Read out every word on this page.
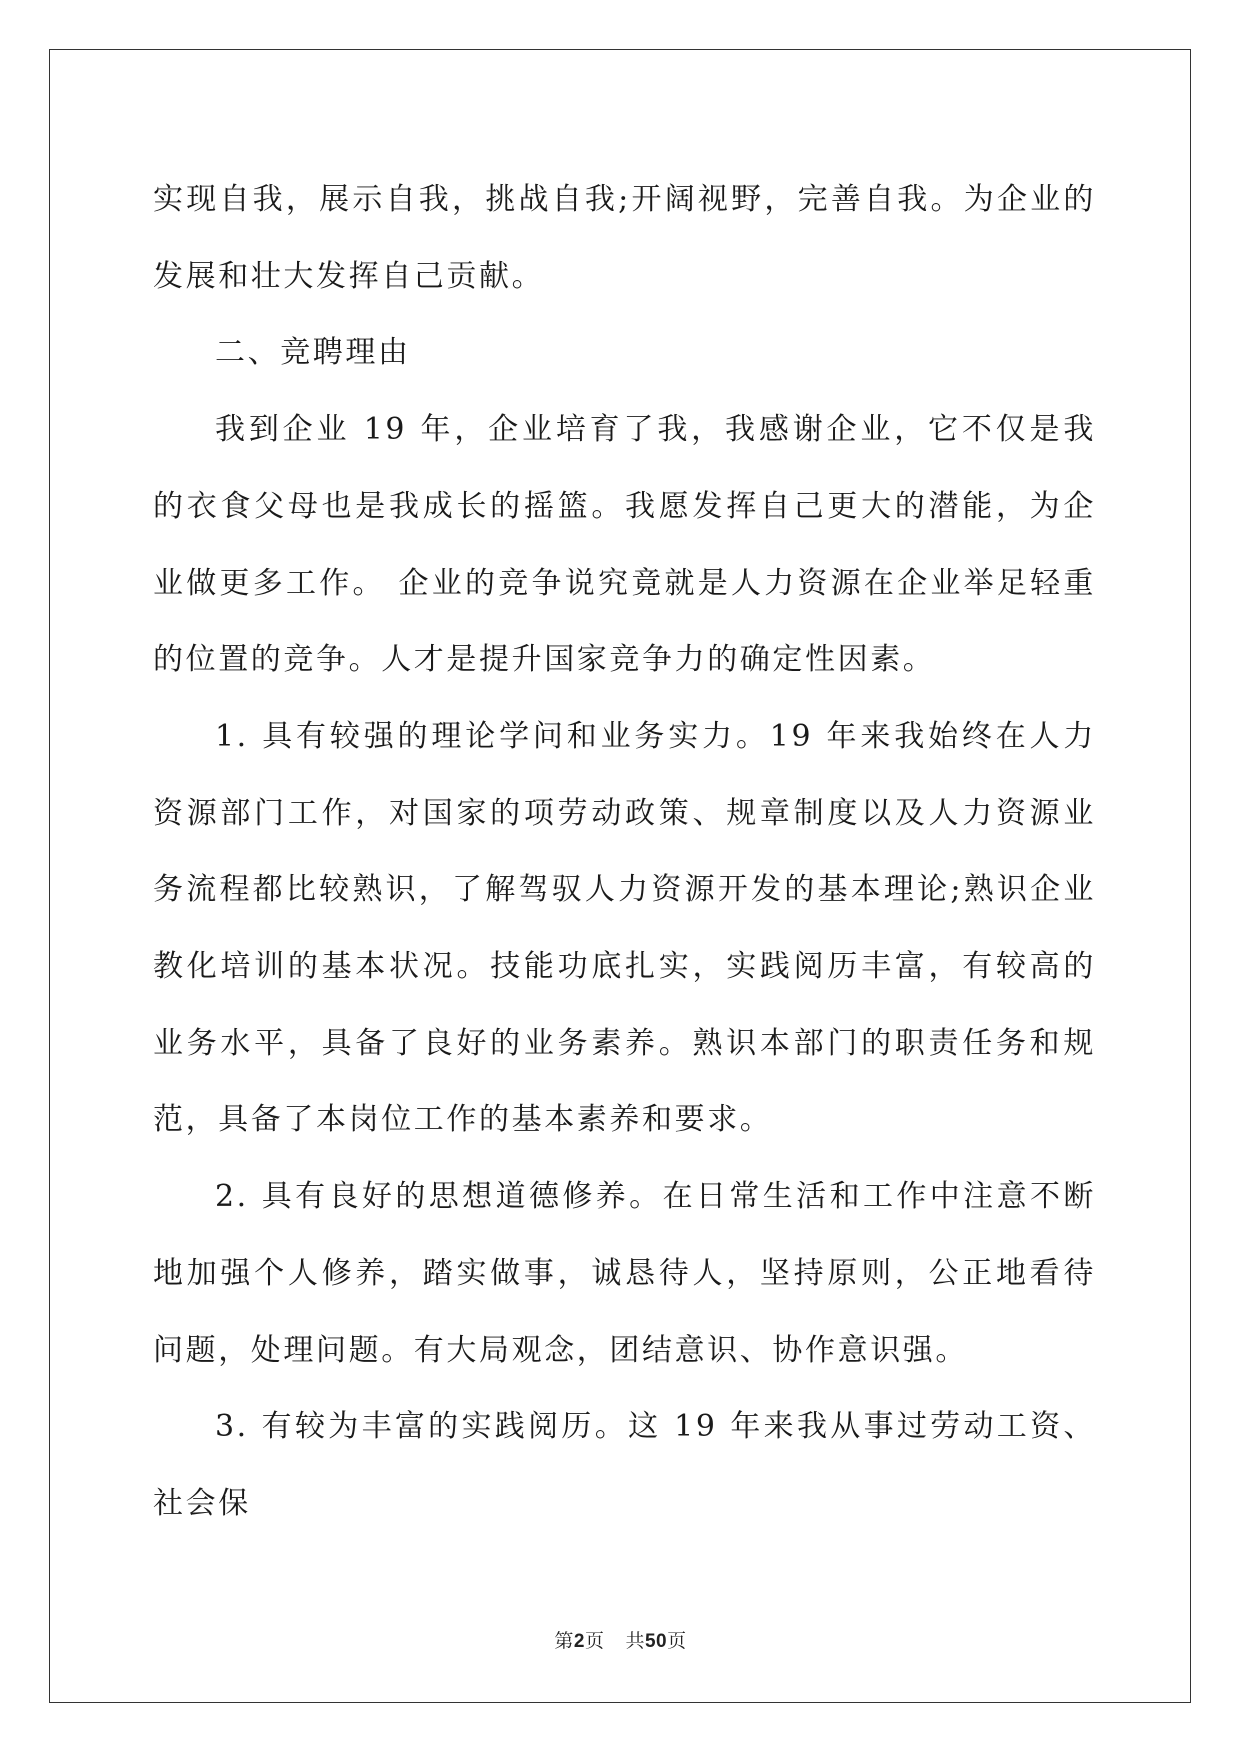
实现自我，展示自我，挑战自我;开阔视野，完善自我。为企业的发展和壮大发挥自己贡献。

二、竞聘理由

我到企业 19 年，企业培育了我，我感谢企业，它不仅是我的衣食父母也是我成长的摇篮。我愿发挥自己更大的潜能，为企业做更多工作。 企业的竞争说究竟就是人力资源在企业举足轻重的位置的竞争。人才是提升国家竞争力的确定性因素。

1. 具有较强的理论学问和业务实力。19 年来我始终在人力资源部门工作，对国家的项劳动政策、规章制度以及人力资源业务流程都比较熟识，了解驾驭人力资源开发的基本理论;熟识企业教化培训的基本状况。技能功底扎实，实践阅历丰富，有较高的业务水平，具备了良好的业务素养。熟识本部门的职责任务和规范，具备了本岗位工作的基本素养和要求。

2. 具有良好的思想道德修养。在日常生活和工作中注意不断地加强个人修养，踏实做事，诚恳待人，坚持原则，公正地看待问题，处理问题。有大局观念，团结意识、协作意识强。

3. 有较为丰富的实践阅历。这 19 年来我从事过劳动工资、社会保

第2页 共50页
